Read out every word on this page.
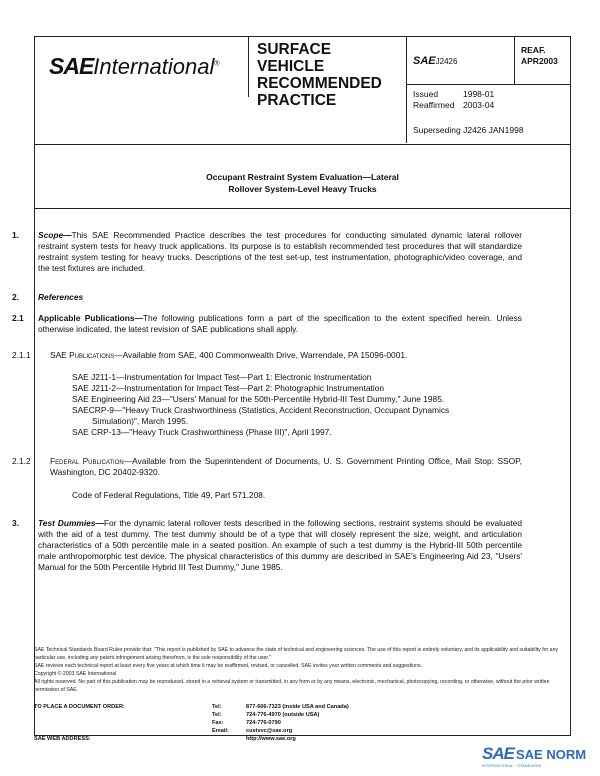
SAEInternational®
SURFACE
VEHICLE
RECOMMENDED
PRACTICE
SAEJ2426
REAF.
APR2003
Issued	1998-01
Reaffirmed	2003-04
Superseding J2426 JAN1998
Occupant Restraint System Evaluation—Lateral
Rollover System-Level Heavy Trucks
1. Scope—This SAE Recommended Practice describes the test procedures for conducting simulated dynamic lateral rollover restraint system tests for heavy truck applications. Its purpose is to establish recommended test procedures that will standardize restraint system testing for heavy trucks. Descriptions of the test set-up, test instrumentation, photographic/video coverage, and the test fixtures are included.
2. References
2.1 Applicable Publications—The following publications form a part of the specification to the extent specified herein. Unless otherwise indicated, the latest revision of SAE publications shall apply.
2.1.1 SAE Publications—Available from SAE, 400 Commonwealth Drive, Warrendale, PA 15096-0001.
SAE J211-1—Instrumentation for Impact Test—Part 1: Electronic Instrumentation
SAE J211-2—Instrumentation for Impact Test—Part 2: Photographic Instrumentation
SAE Engineering Aid 23—"Users' Manual for the 50th-Percentile Hybrid-III Test Dummy," June 1985.
SAECRP-9—"Heavy Truck Crashworthiness (Statistics, Accident Reconstruction, Occupant Dynamics
Simulation)", March 1995.
SAE CRP-13—"Heavy Truck Crashworthiness (Phase III)", April 1997.
2.1.2 Federal Publication—Available from the Superintendent of Documents, U. S. Government Printing Office, Mail Stop: SSOP, Washington, DC 20402-9320.
Code of Federal Regulations, Title 49, Part 571.208.
3. Test Dummies—For the dynamic lateral rollover tests described in the following sections, restraint systems should be evaluated with the aid of a test dummy. The test dummy should be of a type that will closely represent the size, weight, and articulation characteristics of a 50th percentile male in a seated position. An example of such a test dummy is the Hybrid-III 50th percentile male anthropomorphic test device. The physical characteristics of this dummy are described in SAE's Engineering Aid 23, "Users' Manual for the 50th Percentile Hybrid III Test Dummy," June 1985.
SAE Technical Standards Board Rules provide that: "This report is published by SAE to advance the state of technical and engineering sciences. The use of this report is entirely voluntary, and its applicability and suitability for any particular use, including any patent infringement arising therefrom, is the sole responsibility of the user."
SAE reviews each technical report at least every five years at which time it may be reaffirmed, revised, or cancelled. SAE invites your written comments and suggestions.
Copyright © 2003 SAE International
All rights reserved. No part of this publication may be reproduced, stored in a retrieval system or transmitted, in any form or by any means, electronic, mechanical, photocopying, recording, or otherwise, without the prior written permission of SAE.
TO PLACE A DOCUMENT ORDER:
SAE WEB ADDRESS:
Tel:
Tel:
Fax:
Email:
877-606-7323 (inside USA and Canada)
724-776-4970 (outside USA)
724-776-0790
custsvc@sae.org
http://www.sae.org
SAE SAE NORM
INTERNATIONAL · STANDARDS
